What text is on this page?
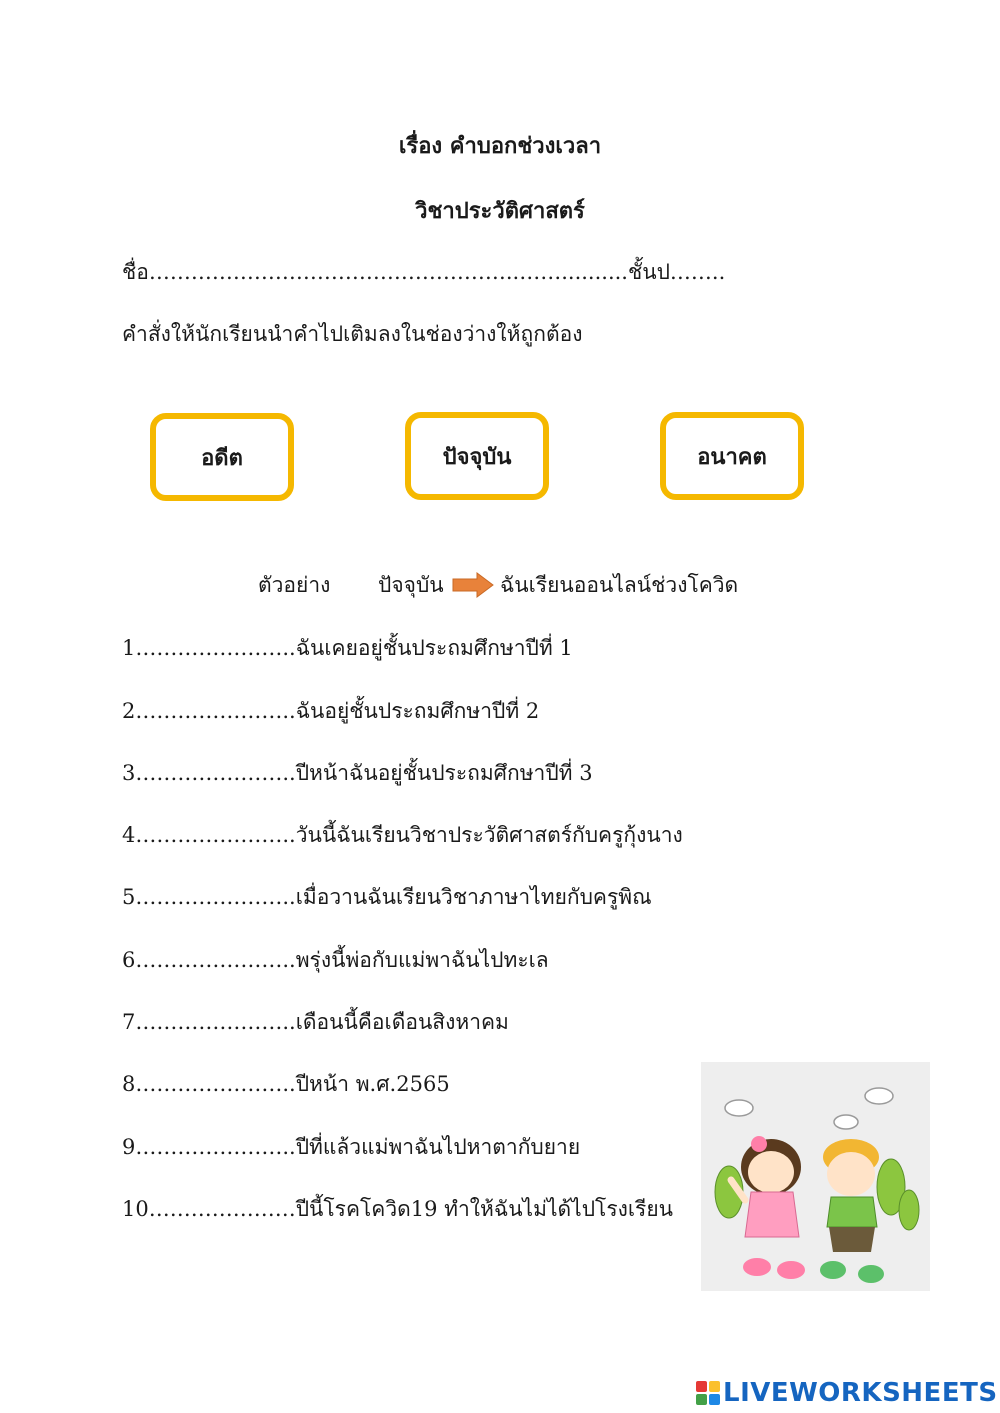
เรื่อง คำบอกช่วงเวลา
วิชาประวัติศาสตร์
ชื่อ……………………………………………..……..........ชั้นป……..
คำสั่งให้นักเรียนนำคำไปเติมลงในช่องว่างให้ถูกต้อง
อดีต	ปัจจุบัน	อนาคต
ตัวอย่าง ปัจจุบัน	ฉันเรียนออนไลน์ช่วงโควิด
1…………………..ฉันเคยอยู่ชั้นประถมศึกษาปีที่ 1
2…………………..ฉันอยู่ชั้นประถมศึกษาปีที่ 2
3…………………..ปีหน้าฉันอยู่ชั้นประถมศึกษาปีที่ 3
4…………………..วันนี้ฉันเรียนวิชาประวัติศาสตร์กับครูกุ้งนาง
5…………………..เมื่อวานฉันเรียนวิชาภาษาไทยกับครูพิณ
6…………………..พรุ่งนี้พ่อกับแม่พาฉันไปทะเล
7…………………..เดือนนี้คือเดือนสิงหาคม
8…………………..ปีหน้า พ.ศ.2565
9…………………..ปีที่แล้วแม่พาฉันไปหาตากับยาย
10…………………ปีนี้โรคโควิด19 ทำให้ฉันไม่ได้ไปโรงเรียน
LIVEWORKSHEETS
